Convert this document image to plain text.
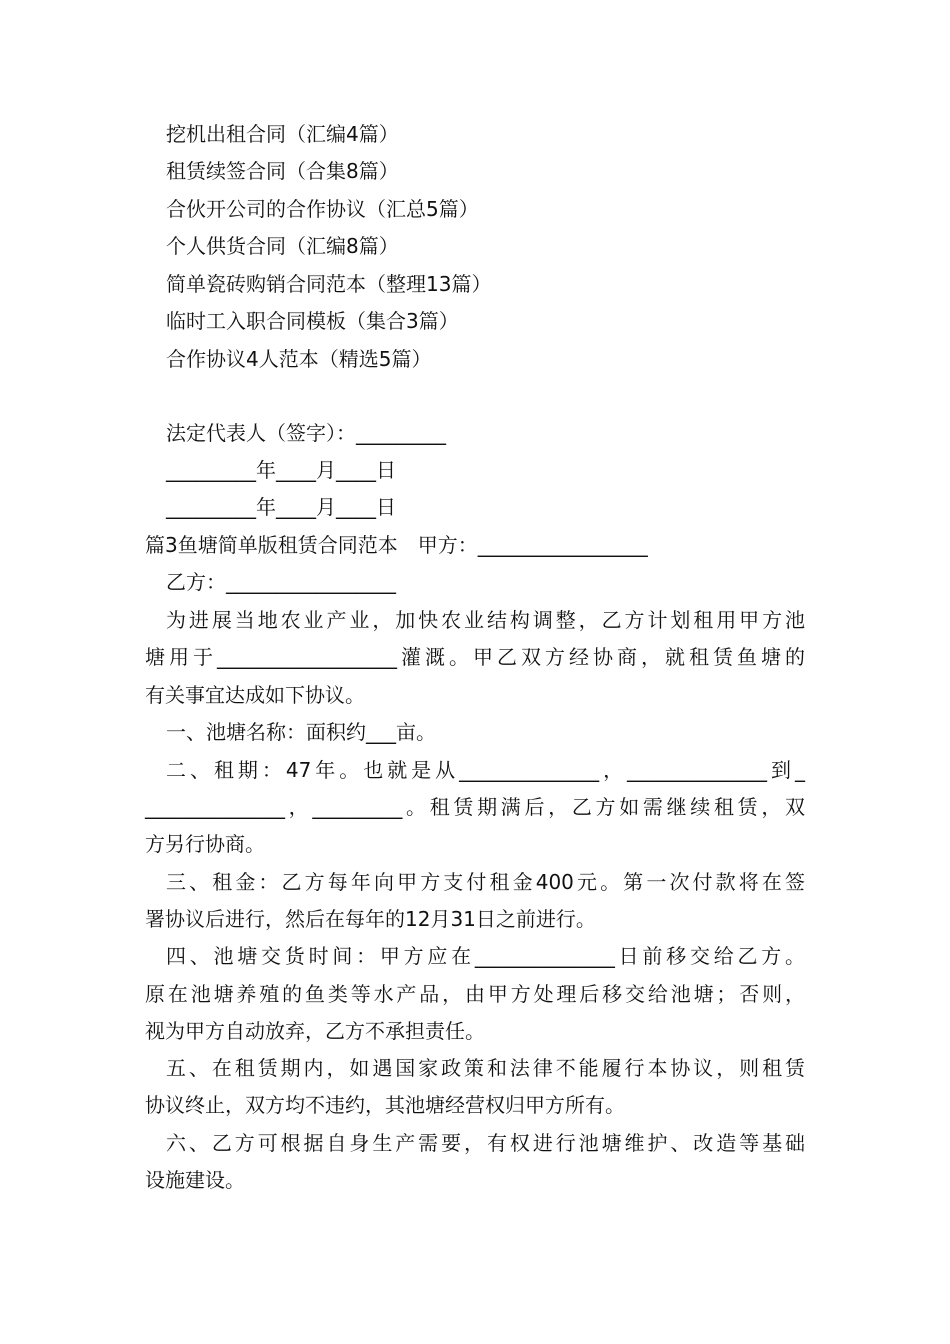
挖机出租合同（汇编4篇）
租赁续签合同（合集8篇）
合伙开公司的合作协议（汇总5篇）
个人供货合同（汇编8篇）
简单瓷砖购销合同范本（整理13篇）
临时工入职合同模板（集合3篇）
合作协议4人范本（精选5篇）
法定代表人（签字）：_________
_________年____月____日
_________年____月____日
篇3鱼塘简单版租赁合同范本　甲方：_________________
乙方：_________________
为进展当地农业产业，加快农业结构调整，乙方计划租用甲方池
塘用于__________________灌溉。甲乙双方经协商，就租赁鱼塘的
有关事宜达成如下协议。
一、池塘名称：面积约___亩。
二、租期：47年。也就是从______________，______________到_
______________，_________。租赁期满后，乙方如需继续租赁，双
方另行协商。
三、租金：乙方每年向甲方支付租金400元。第一次付款将在签
署协议后进行，然后在每年的12月31日之前进行。
四、池塘交货时间：甲方应在______________日前移交给乙方。
原在池塘养殖的鱼类等水产品，由甲方处理后移交给池塘；否则，
视为甲方自动放弃，乙方不承担责任。
五、在租赁期内，如遇国家政策和法律不能履行本协议，则租赁
协议终止，双方均不违约，其池塘经营权归甲方所有。
六、乙方可根据自身生产需要，有权进行池塘维护、改造等基础
设施建设。
